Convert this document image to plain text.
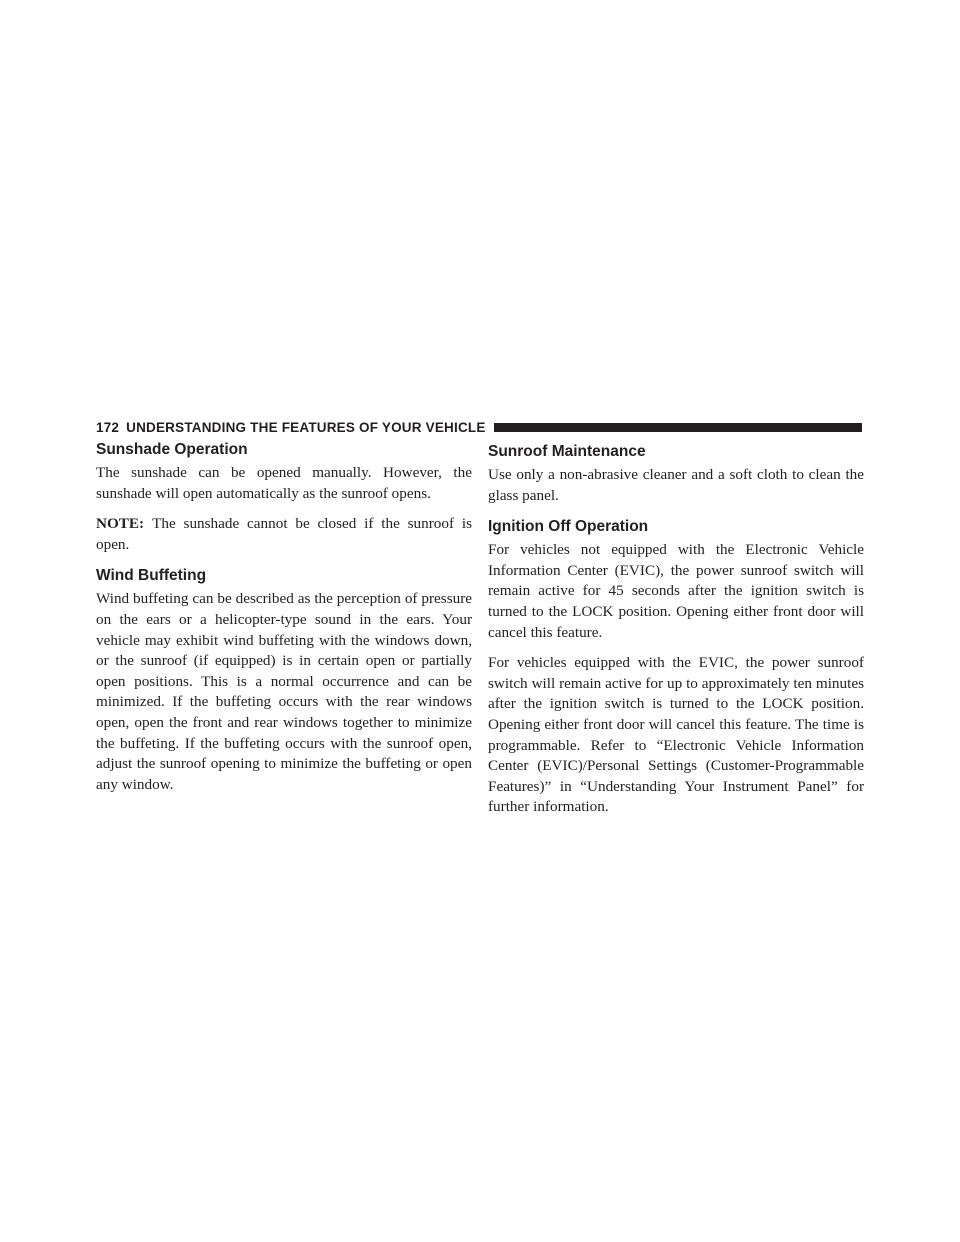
172 UNDERSTANDING THE FEATURES OF YOUR VEHICLE
Sunshade Operation

The sunshade can be opened manually. However, the sunshade will open automatically as the sunroof opens.

NOTE: The sunshade cannot be closed if the sunroof is open.

Wind Buffeting

Wind buffeting can be described as the perception of pressure on the ears or a helicopter-type sound in the ears. Your vehicle may exhibit wind buffeting with the windows down, or the sunroof (if equipped) is in certain open or partially open positions. This is a normal occurrence and can be minimized. If the buffeting occurs with the rear windows open, open the front and rear windows together to minimize the buffeting. If the buffeting occurs with the sunroof open, adjust the sunroof opening to minimize the buffeting or open any window.

Sunroof Maintenance

Use only a non-abrasive cleaner and a soft cloth to clean the glass panel.

Ignition Off Operation

For vehicles not equipped with the Electronic Vehicle Information Center (EVIC), the power sunroof switch will remain active for 45 seconds after the ignition switch is turned to the LOCK position. Opening either front door will cancel this feature.

For vehicles equipped with the EVIC, the power sunroof switch will remain active for up to approximately ten minutes after the ignition switch is turned to the LOCK position. Opening either front door will cancel this feature. The time is programmable. Refer to “Electronic Vehicle Information Center (EVIC)/Personal Settings (Customer-Programmable Features)” in “Understanding Your Instrument Panel” for further information.
